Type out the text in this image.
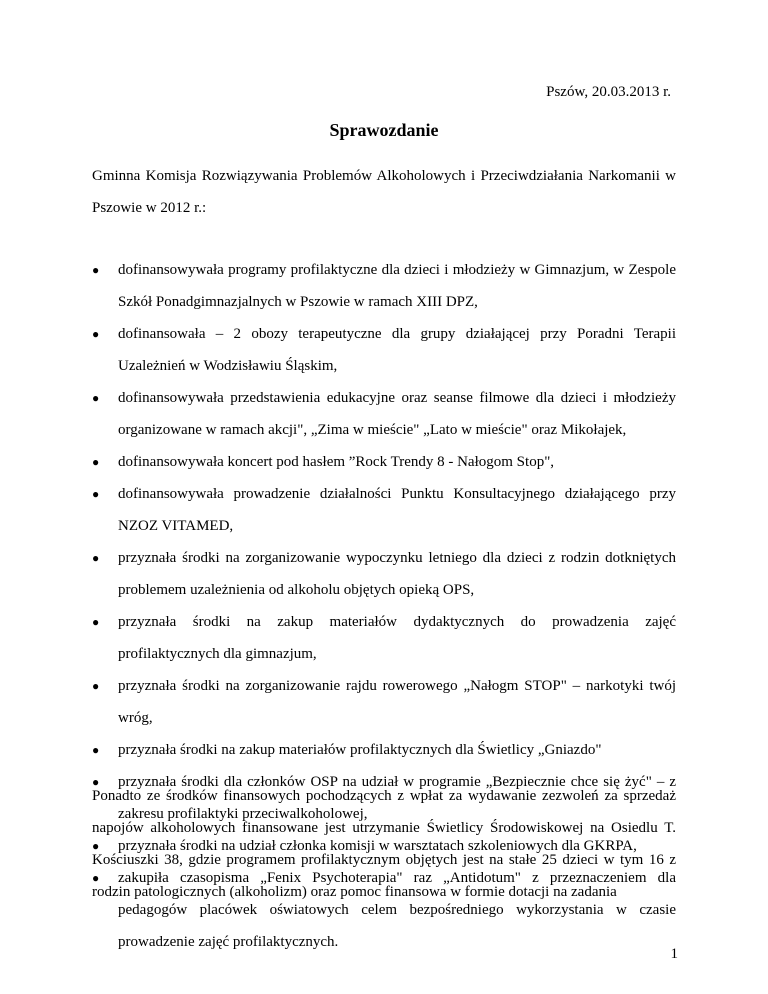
Pszów, 20.03.2013 r.
Sprawozdanie
Gminna Komisja Rozwiązywania Problemów Alkoholowych i Przeciwdziałania Narkomanii w Pszowie w 2012 r.:
● dofinansowywała programy profilaktyczne dla dzieci i młodzieży w Gimnazjum, w Zespole Szkół Ponadgimnazjalnych w Pszowie w ramach XIII DPZ,
● dofinansowała – 2 obozy terapeutyczne dla grupy działającej przy Poradni Terapii Uzależnień w Wodzisławiu Śląskim,
● dofinansowywała przedstawienia edukacyjne oraz seanse filmowe dla dzieci i młodzieży organizowane w ramach akcji", „Zima w mieście" „Lato w mieście" oraz Mikołajek,
● dofinansowywała koncert pod hasłem ”Rock Trendy 8 - Nałogom Stop",
● dofinansowywała prowadzenie działalności Punktu Konsultacyjnego działającego przy NZOZ VITAMED,
● przyznała środki na zorganizowanie wypoczynku letniego dla dzieci z rodzin dotkniętych problemem uzależnienia od alkoholu objętych opieką OPS,
● przyznała środki na zakup materiałów dydaktycznych do prowadzenia zajęć profilaktycznych dla gimnazjum,
● przyznała środki na zorganizowanie rajdu rowerowego „Nałogm STOP" – narkotyki twój wróg,
● przyznała środki na zakup materiałów profilaktycznych dla Świetlicy „Gniazdo"
● przyznała środki dla członków OSP na udział w programie „Bezpiecznie chce się żyć" – z zakresu profilaktyki przeciwalkoholowej,
● przyznała środki na udział członka komisji w warsztatach szkoleniowych dla GKRPA,
● zakupiła czasopisma „Fenix Psychoterapia" raz „Antidotum" z przeznaczeniem dla pedagogów placówek oświatowych celem bezpośredniego wykorzystania w czasie prowadzenie zajęć profilaktycznych.
Ponadto ze środków finansowych pochodzących z wpłat za wydawanie zezwoleń za sprzedaż napojów alkoholowych finansowane jest utrzymanie Świetlicy Środowiskowej na Osiedlu T. Kościuszki 38, gdzie programem profilaktycznym objętych jest na stałe 25 dzieci w tym 16 z rodzin patologicznych (alkoholizm) oraz pomoc finansowa w formie dotacji na zadania
1
